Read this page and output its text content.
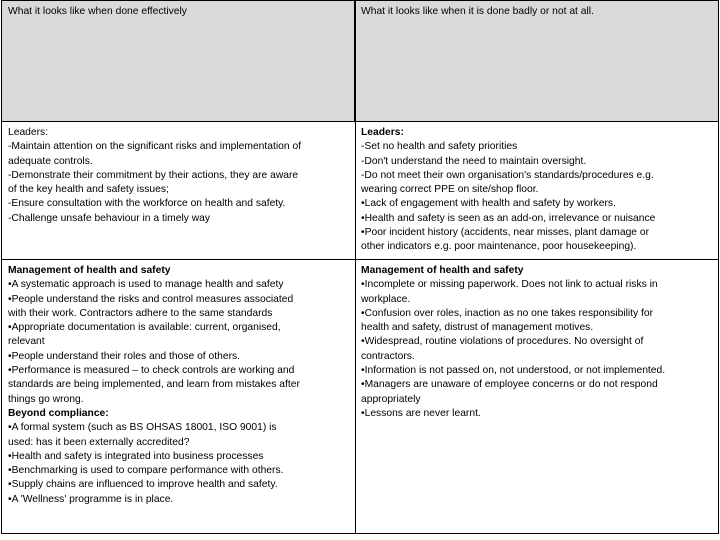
What it looks like when done effectively	What it looks like when it is done badly or not at all.
Leaders:
-Maintain attention on the significant risks and implementation of
adequate controls.
-Demonstrate their commitment by their actions, they are aware
of the key health and safety issues;
-Ensure consultation with the workforce on health and safety.
-Challenge unsafe behaviour in a timely way
Leaders:
-Set no health and safety priorities
-Don't understand the need to maintain oversight.
-Do not meet their own organisation's standards/procedures e.g.
wearing correct PPE on site/shop floor.
•Lack of engagement with health and safety by workers.
•Health and safety is seen as an add-on, irrelevance or nuisance
•Poor incident history (accidents, near misses, plant damage or
other indicators e.g. poor maintenance, poor housekeeping).
Management of health and safety
•A systematic approach is used to manage health and safety
•People understand the risks and control measures associated
with their work. Contractors adhere to the same standards
•Appropriate documentation is available: current, organised,
relevant
•People understand their roles and those of others.
•Performance is measured – to check controls are working and
standards are being implemented, and learn from mistakes after
things go wrong.
Beyond compliance:
•A formal system (such as BS OHSAS 18001, ISO 9001) is
used: has it been externally accredited?
•Health and safety is integrated into business processes
•Benchmarking is used to compare performance with others.
•Supply chains are influenced to improve health and safety.
•A 'Wellness' programme is in place.
Management of health and safety
•Incomplete or missing paperwork. Does not link to actual risks in
workplace.
•Confusion over roles, inaction as no one takes responsibility for
health and safety, distrust of management motives.
•Widespread, routine violations of procedures. No oversight of
contractors.
•Information is not passed on, not understood, or not implemented.
•Managers are unaware of employee concerns or do not respond
appropriately
•Lessons are never learnt.
